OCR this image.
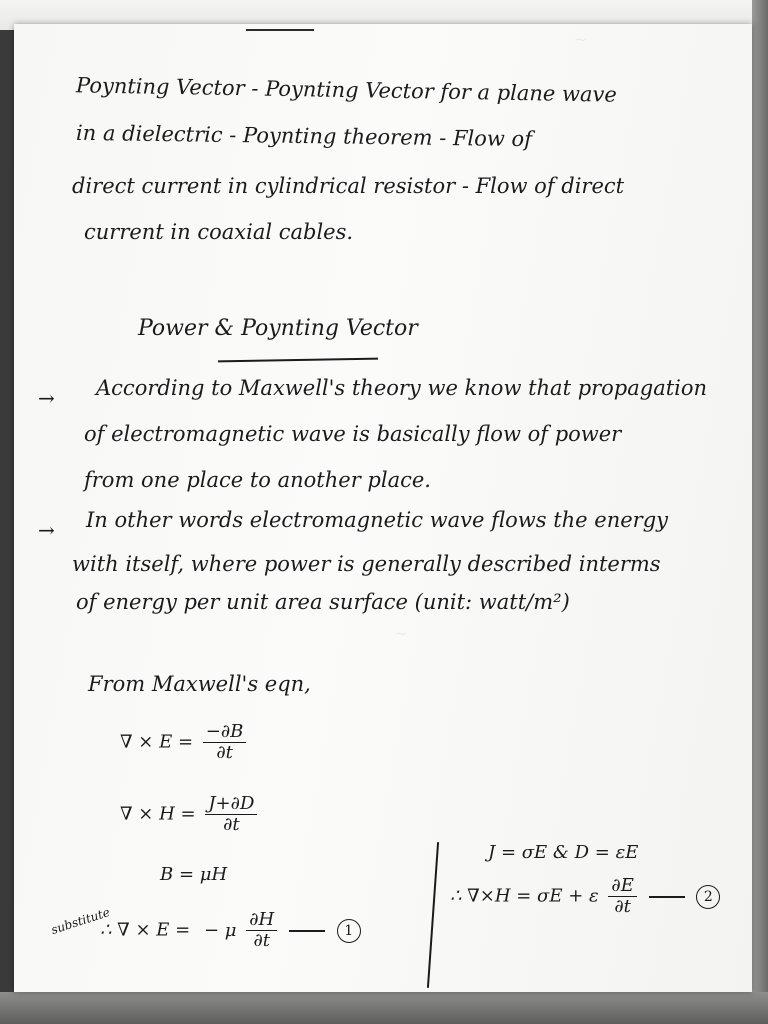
~
~
Poynting Vector - Poynting Vector for a plane wave
in a dielectric - Poynting theorem - Flow of
direct current in cylindrical resistor - Flow of direct
current in coaxial cables.
Power & Poynting Vector
→ According to Maxwell's theory we know that propagation
of electromagnetic wave is basically flow of power
from one place to another place.
→ In other words electromagnetic wave flows the energy
with itself, where power is generally described interms
of energy per unit area surface (unit: watt/m²)
From Maxwell's eqn,
∇ × $E = \frac{-\partial B}{\partial t}$
∇ × $H = \frac{J+\partial D}{\partial t}$
B = μH
substitute
∴ ∇ × E = − μ $\frac{\partial H}{\partial t}$	1
J = σE & D = εE
∴ ∇×H = σE + ε $\frac{\partial E}{\partial t}$	2
